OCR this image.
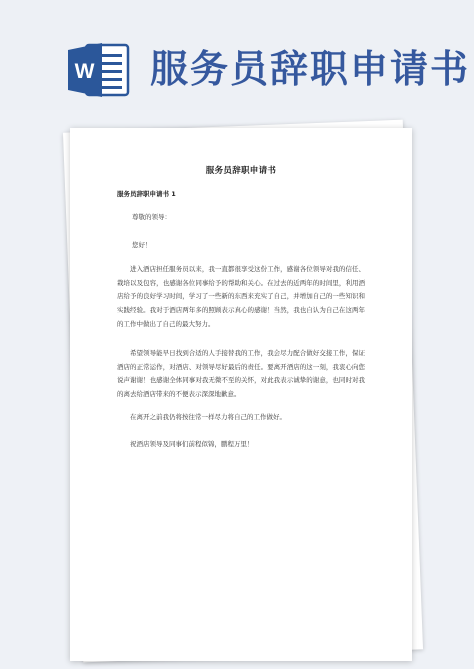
W 服务员辞职申请书
服务员辞职申请书
服务员辞职申请书 1
尊敬的领导：
您好！

进入酒店担任服务员以来，我一直都很享受这份工作，感谢各位领导对我的信任、栽培以及包容，也感谢各位同事给予的帮助和关心。在过去的近两年的时间里，利用酒店给予的良好学习时间，学习了一些新的东西来充实了自己，并增加自己的一些知识和实践经验。我对于酒店两年多的照顾表示真心的感谢！当然，我也自认为自己在这两年的工作中做出了自己的最大努力。

希望领导能早日找到合适的人手接替我的工作，我会尽力配合做好交接工作，保证酒店的正常运作，对酒店、对领导尽好最后的责任。要离开酒店的这一刻，我衷心向您说声谢谢！也感谢全体同事对我无微不至的关怀，对此我表示诚挚的谢意，也同时对我的离去给酒店带来的不便表示深深地歉意。

在离开之前我仍将按往常一样尽力将自己的工作做好。

祝酒店领导及同事们前程似锦，鹏程万里！
